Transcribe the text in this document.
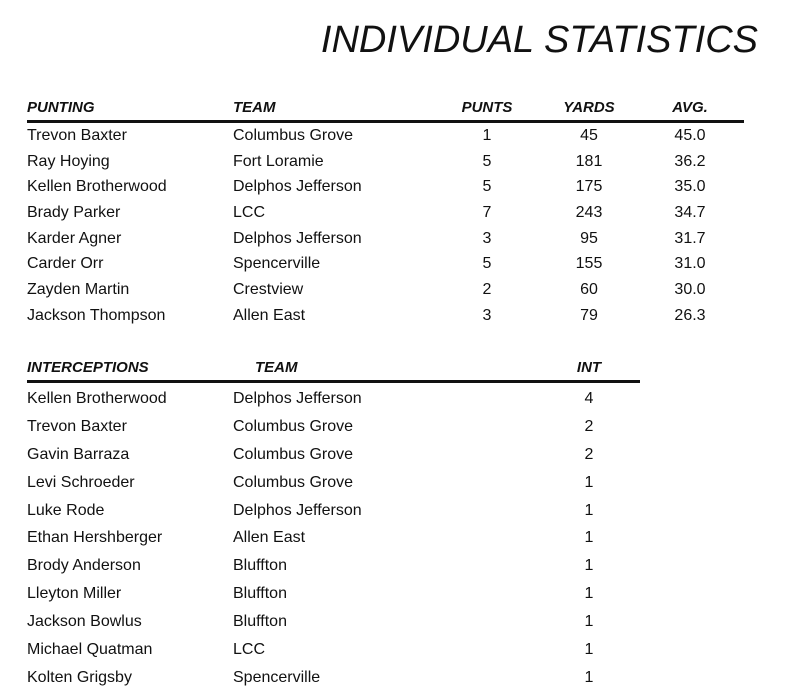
INDIVIDUAL STATISTICS
PUNTING	TEAM	PUNTS	YARDS	AVG.
Trevon Baxter	Columbus Grove	1	45	45.0
Ray Hoying	Fort Loramie	5	181	36.2
Kellen Brotherwood	Delphos Jefferson	5	175	35.0
Brady Parker	LCC	7	243	34.7
Karder Agner	Delphos Jefferson	3	95	31.7
Carder Orr	Spencerville	5	155	31.0
Zayden Martin	Crestview	2	60	30.0
Jackson Thompson	Allen East	3	79	26.3
INTERCEPTIONS	TEAM	INT
Kellen Brotherwood	Delphos Jefferson	4
Trevon Baxter	Columbus Grove	2
Gavin Barraza	Columbus Grove	2
Levi Schroeder	Columbus Grove	1
Luke Rode	Delphos Jefferson	1
Ethan Hershberger	Allen East	1
Brody Anderson	Bluffton	1
Lleyton Miller	Bluffton	1
Jackson Bowlus	Bluffton	1
Michael Quatman	LCC	1
Kolten Grigsby	Spencerville	1
